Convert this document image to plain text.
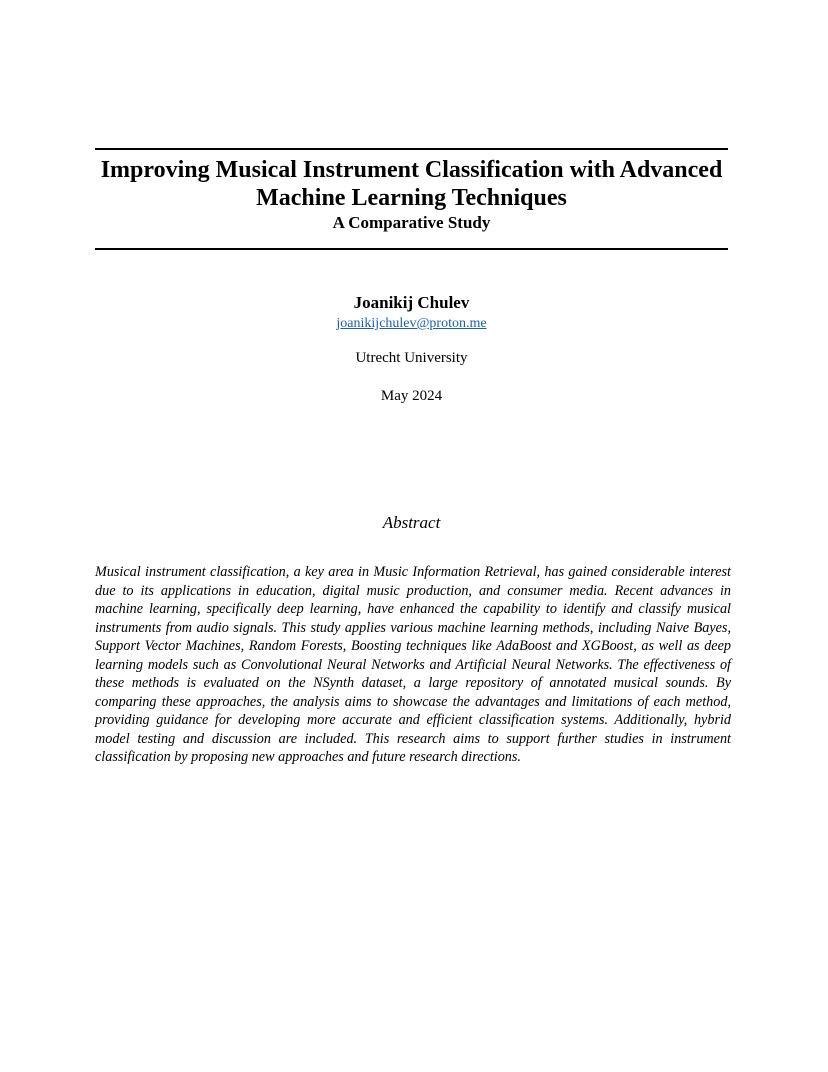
Improving Musical Instrument Classification with Advanced
Machine Learning Techniques
A Comparative Study
Joanikij Chulev
joanikijchulev@proton.me
Utrecht University
May 2024
Abstract

Musical instrument classification, a key area in Music Information Retrieval, has gained considerable interest due to its applications in education, digital music production, and consumer media. Recent advances in machine learning, specifically deep learning, have enhanced the capability to identify and classify musical instruments from audio signals. This study applies various machine learning methods, including Naive Bayes, Support Vector Machines, Random Forests, Boosting techniques like AdaBoost and XGBoost, as well as deep learning models such as Convolutional Neural Networks and Artificial Neural Networks. The effectiveness of these methods is evaluated on the NSynth dataset, a large repository of annotated musical sounds. By comparing these approaches, the analysis aims to showcase the advantages and limitations of each method, providing guidance for developing more accurate and efficient classification systems. Additionally, hybrid model testing and discussion are included. This research aims to support further studies in instrument classification by proposing new approaches and future research directions.
